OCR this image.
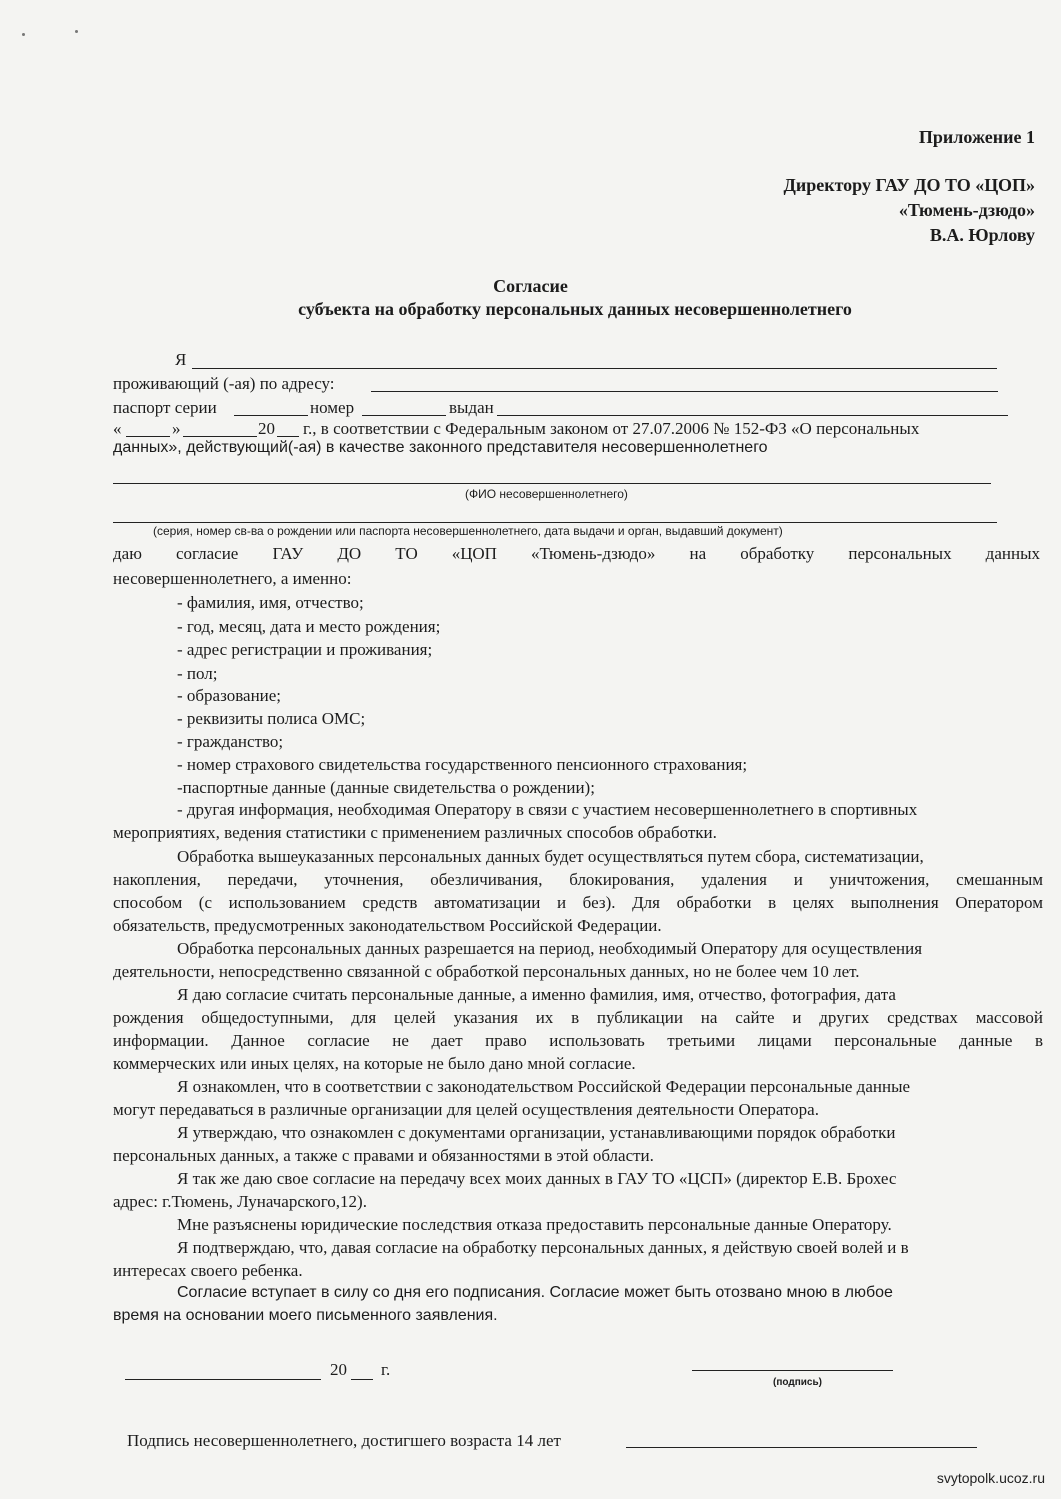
Приложение 1
Директору ГАУ ДО ТО «ЦОП»
«Тюмень-дзюдо»
В.А. Юрлову
Согласие
субъекта на обработку персональных данных несовершеннолетнего
Я
проживающий (-ая) по адресу:
паспорт серии	номер	выдан
«	»	20 г., в соответствии с Федеральным законом от 27.07.2006 № 152-ФЗ «О персональных
данных», действующий(-ая) в качестве законного представителя несовершеннолетнего
(ФИО несовершеннолетнего)
(серия, номер св-ва о рождении или паспорта несовершеннолетнего, дата выдачи и орган, выдавший документ)
даю согласие ГАУ ДО ТО «ЦОП «Тюмень-дзюдо» на обработку персональных данных
несовершеннолетнего, а именно:
- фамилия, имя, отчество;
- год, месяц, дата и место рождения;
- адрес регистрации и проживания;
- пол;
- образование;
- реквизиты полиса ОМС;
- гражданство;
- номер страхового свидетельства государственного пенсионного страхования;
-паспортные данные (данные свидетельства о рождении);
- другая информация, необходимая Оператору в связи с участием несовершеннолетнего в спортивных
мероприятиях, ведения статистики с применением различных способов обработки.
Обработка вышеуказанных персональных данных будет осуществляться путем сбора, систематизации,
накопления, передачи, уточнения, обезличивания, блокирования, удаления и уничтожения, смешанным
способом (с использованием средств автоматизации и без). Для обработки в целях выполнения Оператором
обязательств, предусмотренных законодательством Российской Федерации.
Обработка персональных данных разрешается на период, необходимый Оператору для осуществления
деятельности, непосредственно связанной с обработкой персональных данных, но не более чем 10 лет.
Я даю согласие считать персональные данные, а именно фамилия, имя, отчество, фотография, дата
рождения общедоступными, для целей указания их в публикации на сайте и других средствах массовой
информации. Данное согласие не дает право использовать третьими лицами персональные данные в
коммерческих или иных целях, на которые не было дано мной согласие.
Я ознакомлен, что в соответствии с законодательством Российской Федерации персональные данные
могут передаваться в различные организации для целей осуществления деятельности Оператора.
Я утверждаю, что ознакомлен с документами организации, устанавливающими порядок обработки
персональных данных, а также с правами и обязанностями в этой области.
Я так же даю свое согласие на передачу всех моих данных в ГАУ ТО «ЦСП» (директор Е.В. Брохес
адрес: г.Тюмень, Луначарского,12).
Мне разъяснены юридические последствия отказа предоставить персональные данные Оператору.
Я подтверждаю, что, давая согласие на обработку персональных данных, я действую своей волей и в
интересах своего ребенка.
Согласие вступает в силу со дня его подписания. Согласие может быть отозвано мною в любое
время на основании моего письменного заявления.
20 г.
(подпись)
Подпись несовершеннолетнего, достигшего возраста 14 лет
svytopolk.ucoz.ru
